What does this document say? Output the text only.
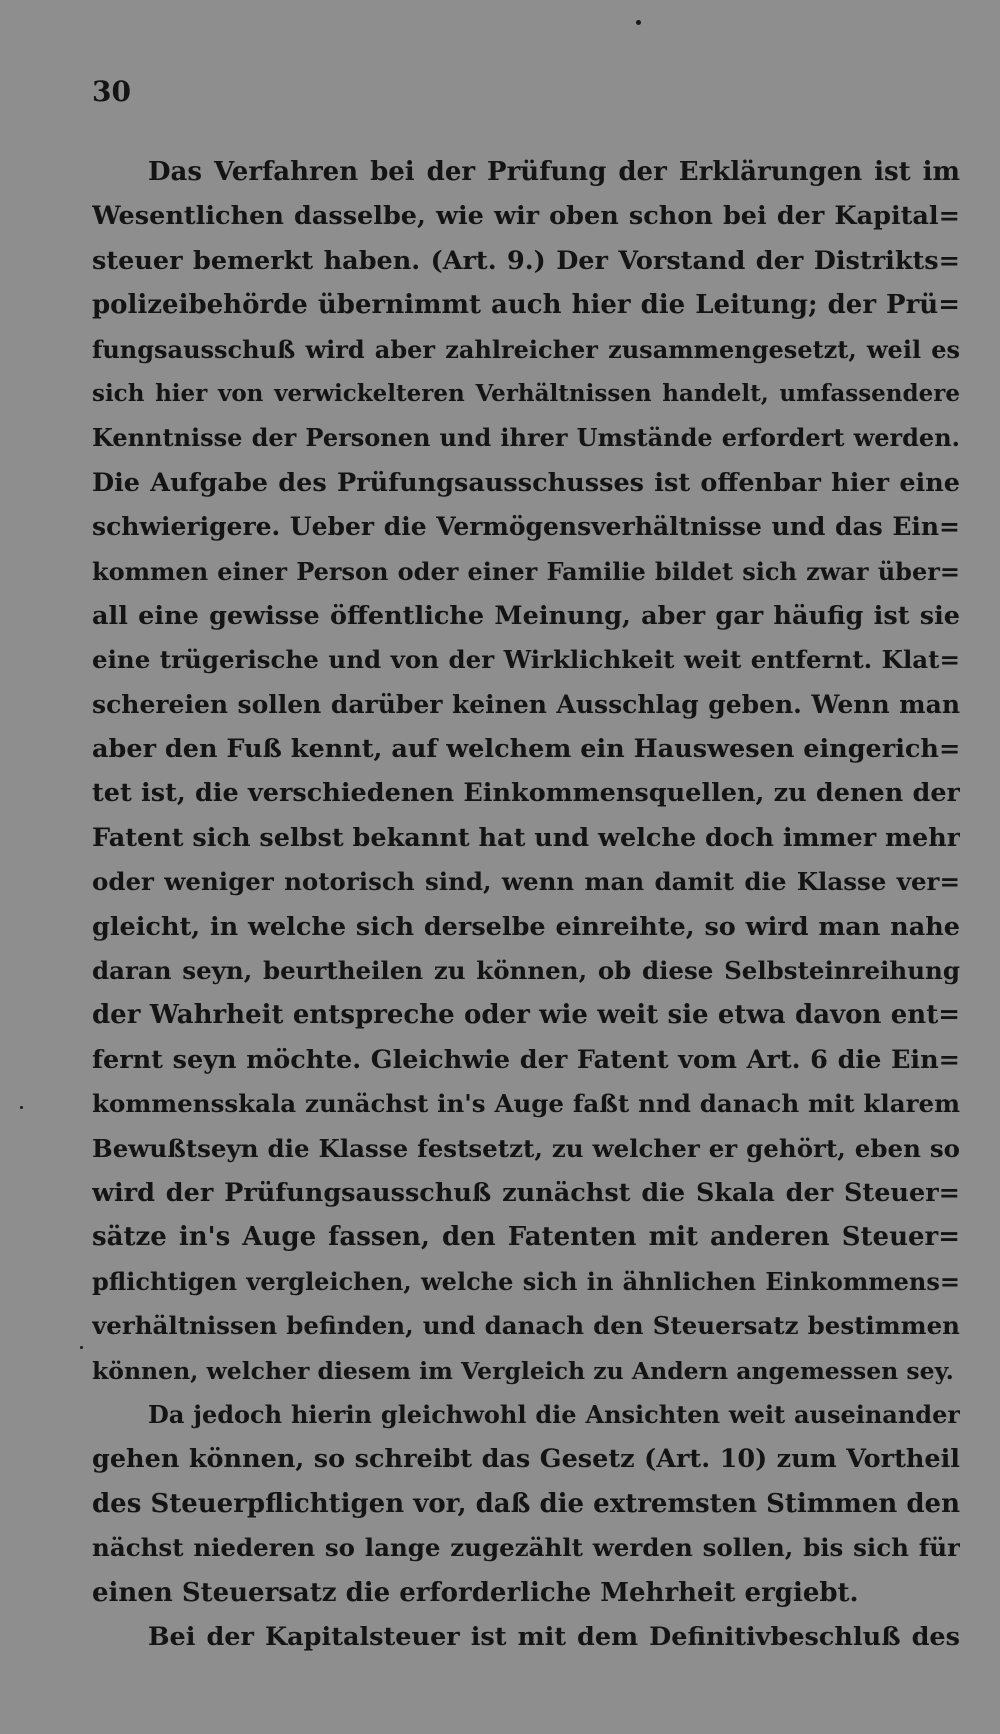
30
Das Verfahren bei der Prüfung der Erklärungen ist im
Wesentlichen dasselbe, wie wir oben schon bei der Kapital=
steuer bemerkt haben. (Art. 9.) Der Vorstand der Distrikts=
polizeibehörde übernimmt auch hier die Leitung; der Prü=
fungsausschuß wird aber zahlreicher zusammengesetzt, weil es
sich hier von verwickelteren Verhältnissen handelt, umfassendere
Kenntnisse der Personen und ihrer Umstände erfordert werden.
Die Aufgabe des Prüfungsausschusses ist offenbar hier eine
schwierigere. Ueber die Vermögensverhältnisse und das Ein=
kommen einer Person oder einer Familie bildet sich zwar über=
all eine gewisse öffentliche Meinung, aber gar häufig ist sie
eine trügerische und von der Wirklichkeit weit entfernt. Klat=
schereien sollen darüber keinen Ausschlag geben. Wenn man
aber den Fuß kennt, auf welchem ein Hauswesen eingerich=
tet ist, die verschiedenen Einkommensquellen, zu denen der
Fatent sich selbst bekannt hat und welche doch immer mehr
oder weniger notorisch sind, wenn man damit die Klasse ver=
gleicht, in welche sich derselbe einreihte, so wird man nahe
daran seyn, beurtheilen zu können, ob diese Selbsteinreihung
der Wahrheit entspreche oder wie weit sie etwa davon ent=
fernt seyn möchte. Gleichwie der Fatent vom Art. 6 die Ein=
kommensskala zunächst in's Auge faßt nnd danach mit klarem
Bewußtseyn die Klasse festsetzt, zu welcher er gehört, eben so
wird der Prüfungsausschuß zunächst die Skala der Steuer=
sätze in's Auge fassen, den Fatenten mit anderen Steuer=
pflichtigen vergleichen, welche sich in ähnlichen Einkommens=
verhältnissen befinden, und danach den Steuersatz bestimmen
können, welcher diesem im Vergleich zu Andern angemessen sey.
Da jedoch hierin gleichwohl die Ansichten weit auseinander
gehen können, so schreibt das Gesetz (Art. 10) zum Vortheil
des Steuerpflichtigen vor, daß die extremsten Stimmen den
nächst niederen so lange zugezählt werden sollen, bis sich für
einen Steuersatz die erforderliche Mehrheit ergiebt.
Bei der Kapitalsteuer ist mit dem Definitivbeschluß des
